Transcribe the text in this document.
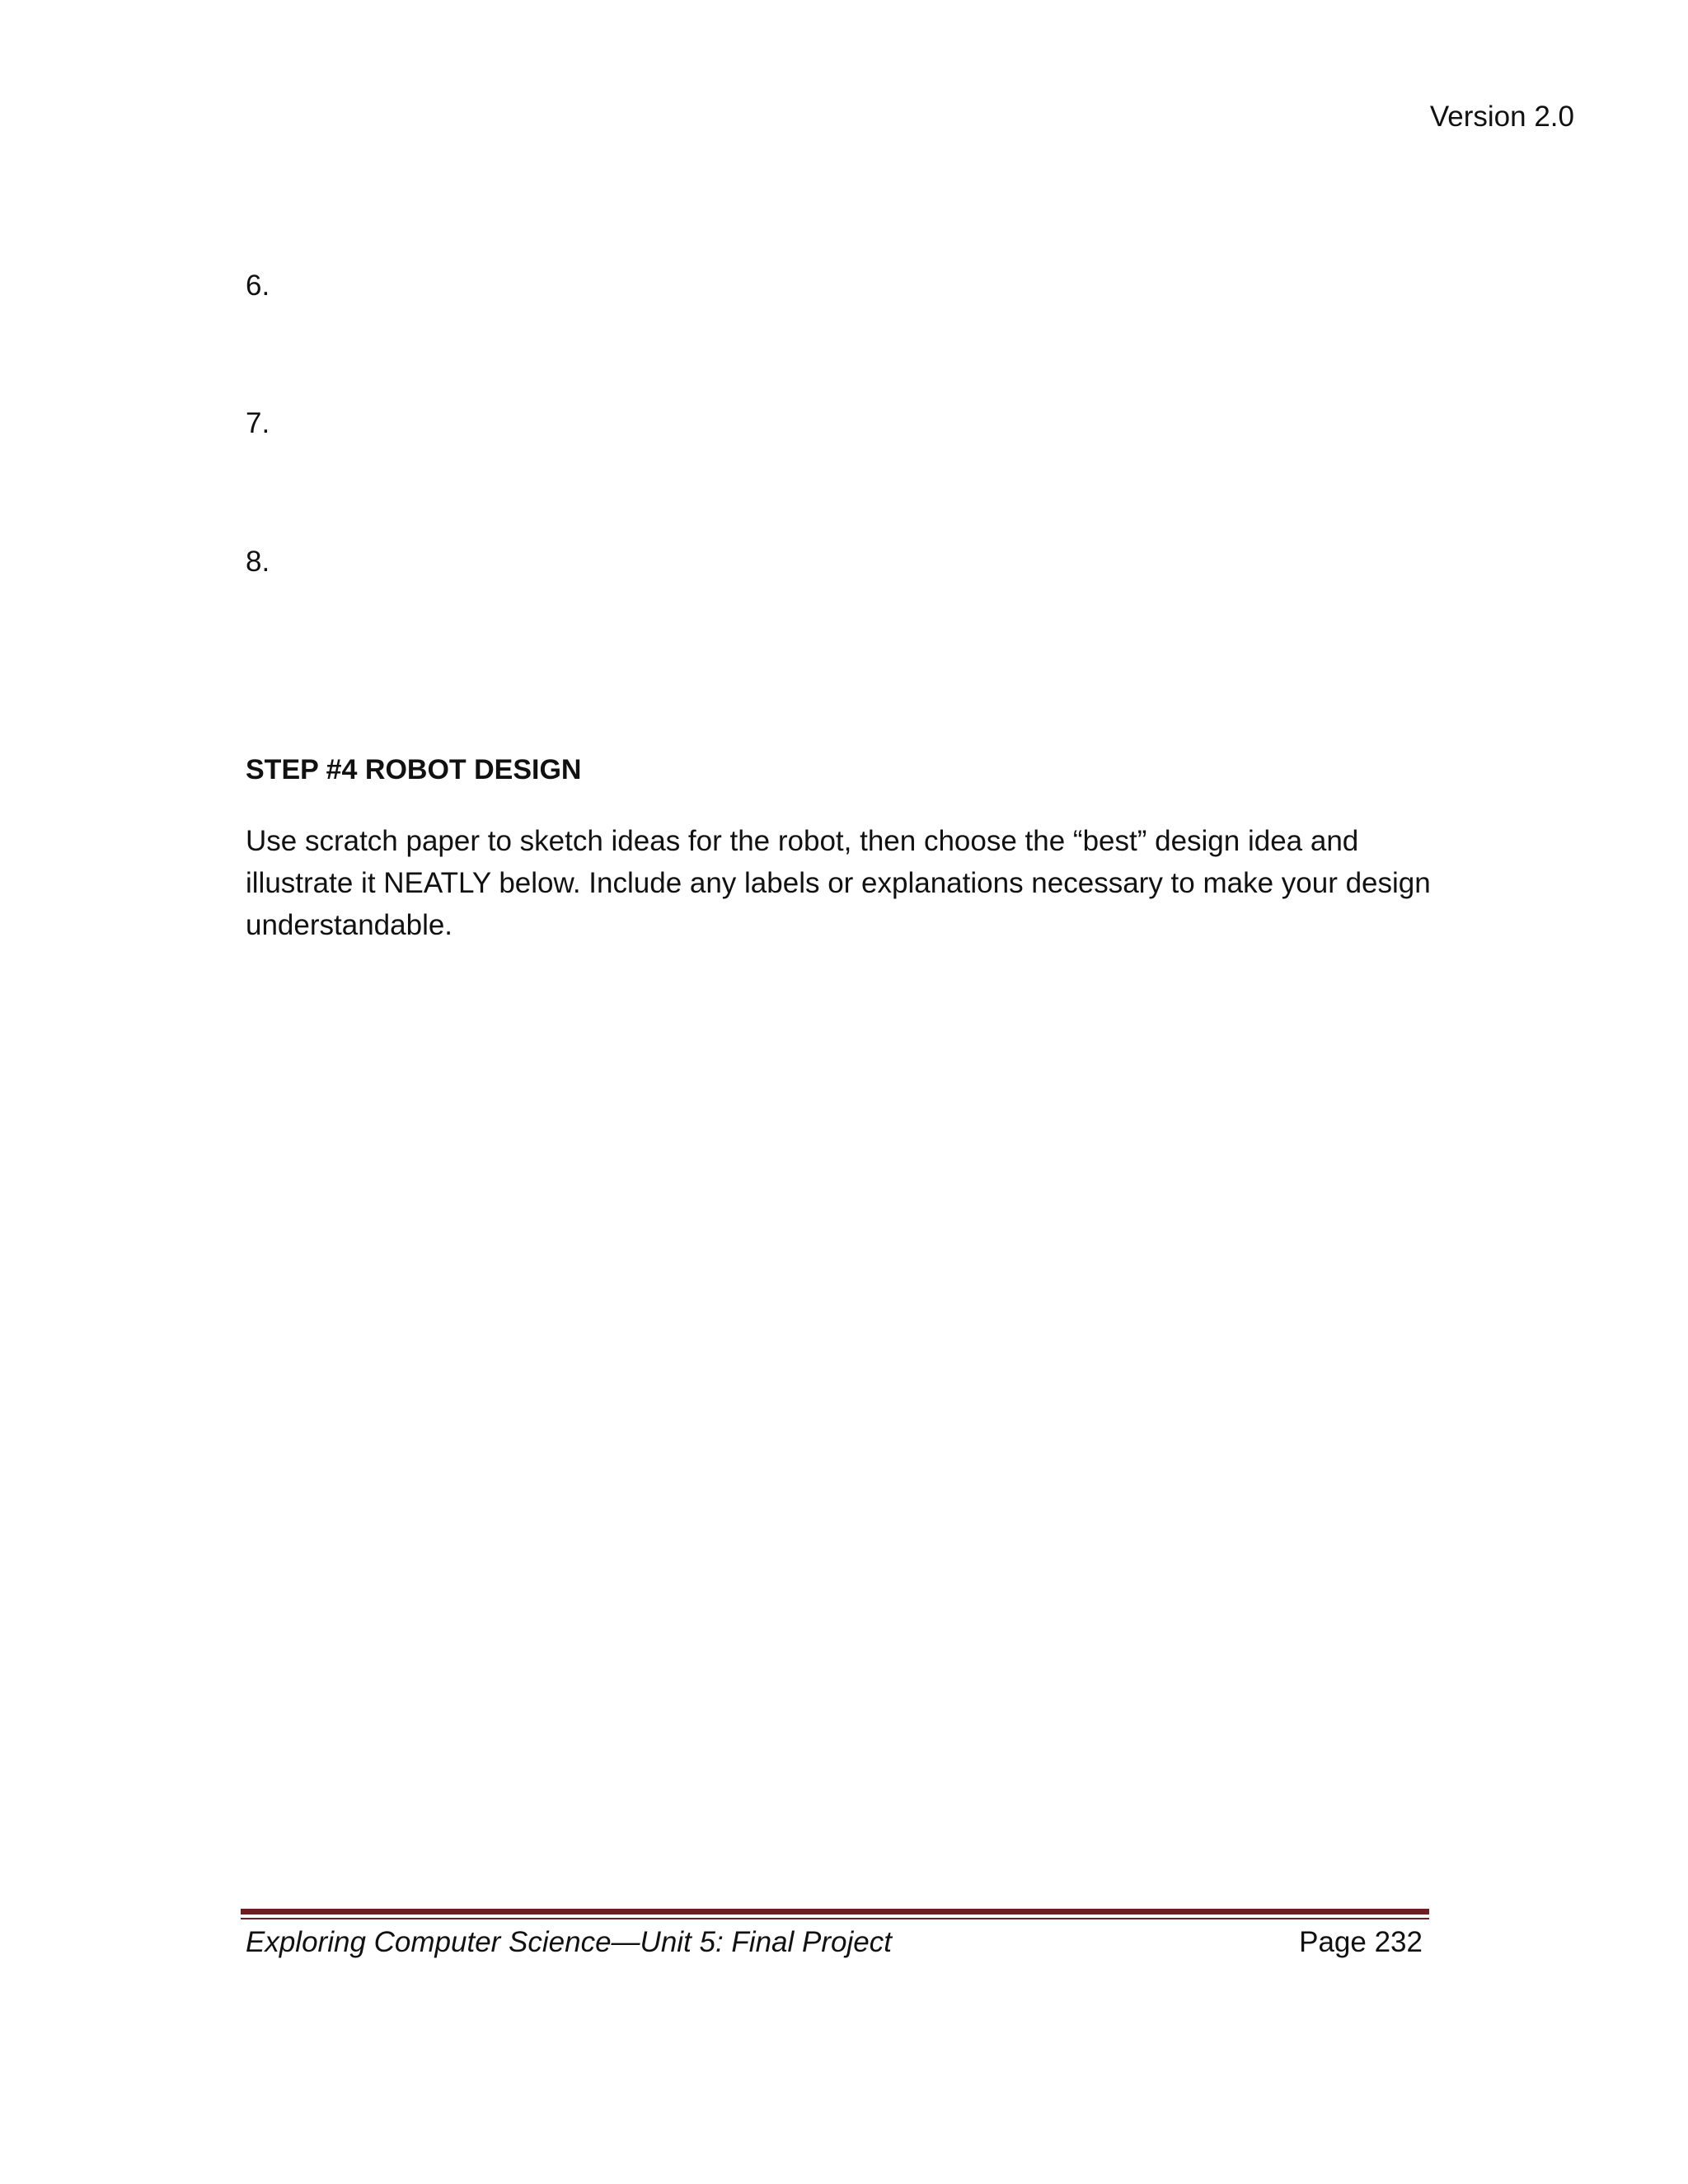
Version 2.0
6.
7.
8.
STEP #4 ROBOT DESIGN
Use scratch paper to sketch ideas for the robot, then choose the “best” design idea and
illustrate it NEATLY below. Include any labels or explanations necessary to make your design
understandable.
Exploring Computer Science—Unit 5: Final Project	Page 232
